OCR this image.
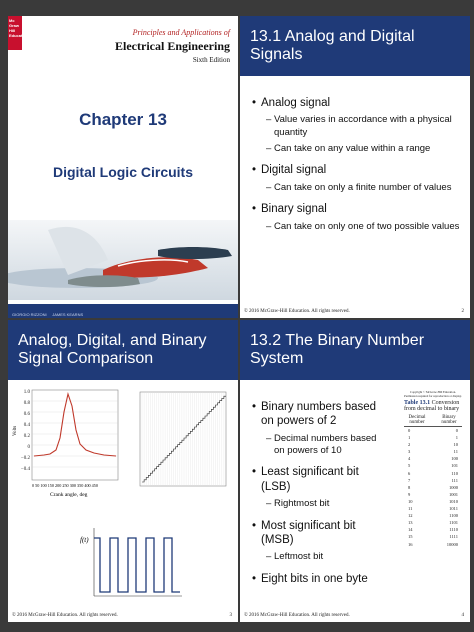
Mc
Graw
Hill
Education	Principles and Applications of
Electrical Engineering
Sixth Edition
Chapter 13
Digital Logic Circuits
GIORGIO RIZZONI JAMES KEARNS
13.1 Analog and Digital Signals
• Analog signal
– Value varies in accordance with a physical quantity
– Can take on any value within a range
• Digital signal
– Can take on only a finite number of values
• Binary signal
– Can take on only one of two possible values
© 2016 McGraw-Hill Education. All rights reserved.	2
Analog, Digital, and Binary Signal Comparison
1.0
0.8
0.6
0.4
0.2
0
−0.2
−0.4
Volts
0 50 100 150 200 250 300 350 400 450
Crank angle, deg
f(t)
© 2016 McGraw-Hill Education. All rights reserved.	3
13.2 The Binary Number System
• Binary numbers based on powers of 2
– Decimal numbers based on powers of 10
• Least significant bit (LSB)
– Rightmost bit
• Most significant bit (MSB)
– Leftmost bit
• Eight bits in one byte
Copyright © McGraw-Hill Education. Permission required for reproduction or display.
Table 13.1 Conversion from decimal to binary
Decimal number
Binary number
0	0
1	1
2	10
3	11
4	100
5	101
6	110
7	111
8	1000
9	1001
10	1010
11	1011
12	1100
13	1101
14	1110
15	1111
16	10000
© 2016 McGraw-Hill Education. All rights reserved.	4
